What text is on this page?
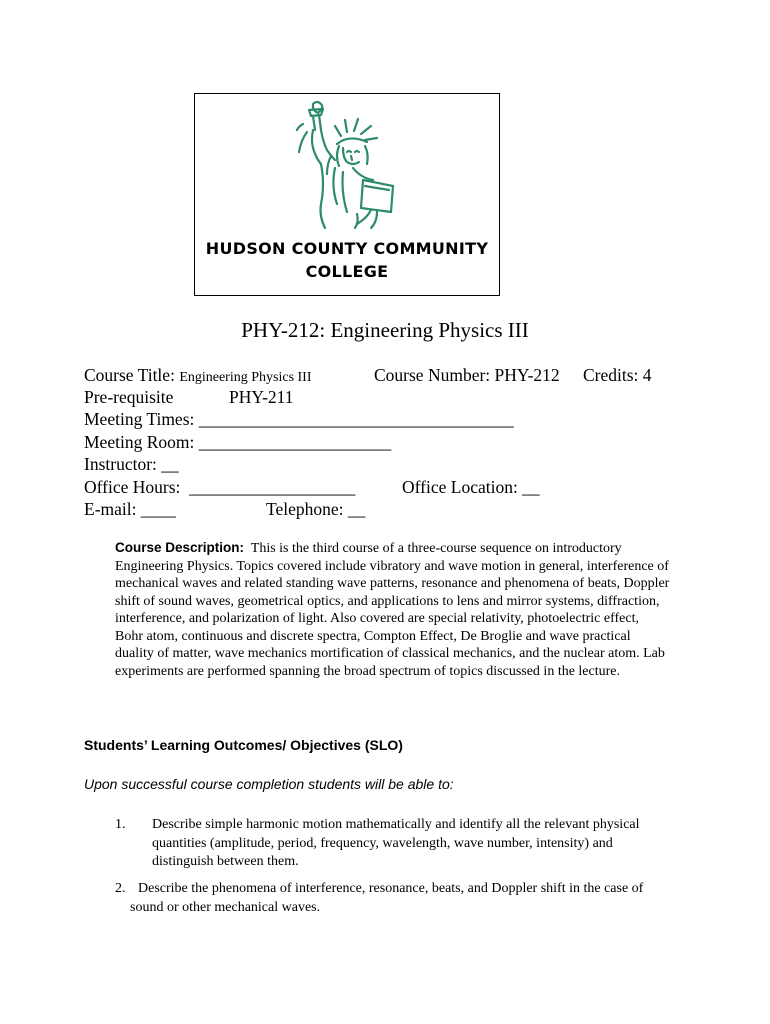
HUDSON COUNTY COMMUNITY
COLLEGE
PHY-212: Engineering Physics III
Course Title: Engineering Physics III	Course Number: PHY-212 Credits: 4
Pre-requisite	PHY-211
Meeting Times: ____________________________________
Meeting Room: ______________________
Instructor: __
Office Hours:  ___________________	Office Location: __
E-mail: ____	Telephone: __
Course Description: This is the third course of a three-course sequence on introductory Engineering Physics. Topics covered include vibratory and wave motion in general, interference of mechanical waves and related standing wave patterns, resonance and phenomena of beats, Doppler shift of sound waves, geometrical optics, and applications to lens and mirror systems, diffraction, interference, and polarization of light. Also covered are special relativity, photoelectric effect, Bohr atom, continuous and discrete spectra, Compton Effect, De Broglie and wave practical duality of matter, wave mechanics mortification of classical mechanics, and the nuclear atom. Lab experiments are performed spanning the broad spectrum of topics discussed in the lecture.
Students’ Learning Outcomes/ Objectives (SLO)
Upon successful course completion students will be able to:
1. Describe simple harmonic motion mathematically and identify all the relevant physical quantities (amplitude, period, frequency, wavelength, wave number, intensity) and distinguish between them.
2. Describe the phenomena of interference, resonance, beats, and Doppler shift in the case of sound or other mechanical waves.
